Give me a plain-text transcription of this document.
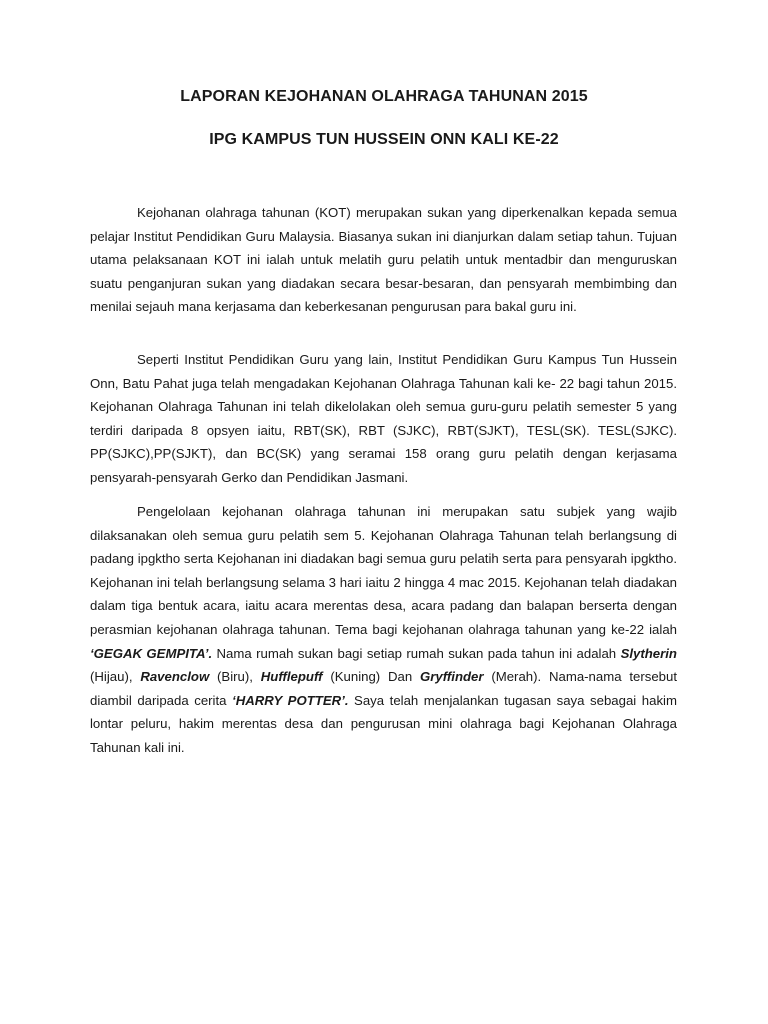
LAPORAN KEJOHANAN OLAHRAGA TAHUNAN 2015
IPG KAMPUS TUN HUSSEIN ONN KALI KE-22

Kejohanan olahraga tahunan (KOT) merupakan sukan yang diperkenalkan kepada semua pelajar Institut Pendidikan Guru Malaysia. Biasanya sukan ini dianjurkan dalam setiap tahun. Tujuan utama pelaksanaan KOT ini ialah untuk melatih guru pelatih untuk mentadbir dan menguruskan suatu penganjuran sukan yang diadakan secara besar-besaran, dan pensyarah membimbing dan menilai sejauh mana kerjasama dan keberkesanan pengurusan para bakal guru ini.

Seperti Institut Pendidikan Guru yang lain, Institut Pendidikan Guru Kampus Tun Hussein Onn, Batu Pahat juga telah mengadakan Kejohanan Olahraga Tahunan kali ke- 22 bagi tahun 2015. Kejohanan Olahraga Tahunan ini telah dikelolakan oleh semua guru-guru pelatih semester 5 yang terdiri daripada 8 opsyen iaitu, RBT(SK), RBT (SJKC), RBT(SJKT), TESL(SK). TESL(SJKC). PP(SJKC),PP(SJKT), dan BC(SK) yang seramai 158 orang guru pelatih dengan kerjasama pensyarah-pensyarah Gerko dan Pendidikan Jasmani.

Pengelolaan kejohanan olahraga tahunan ini merupakan satu subjek yang wajib dilaksanakan oleh semua guru pelatih sem 5. Kejohanan Olahraga Tahunan telah berlangsung di padang ipgktho serta Kejohanan ini diadakan bagi semua guru pelatih serta para pensyarah ipgktho. Kejohanan ini telah berlangsung selama 3 hari iaitu 2 hingga 4 mac 2015. Kejohanan telah diadakan dalam tiga bentuk acara, iaitu acara merentas desa, acara padang dan balapan berserta dengan perasmian kejohanan olahraga tahunan. Tema bagi kejohanan olahraga tahunan yang ke-22 ialah ‘GEGAK GEMPITA’. Nama rumah sukan bagi setiap rumah sukan pada tahun ini adalah Slytherin (Hijau), Ravenclow (Biru), Hufflepuff (Kuning) Dan Gryffinder (Merah). Nama-nama tersebut diambil daripada cerita ‘HARRY POTTER’. Saya telah menjalankan tugasan saya sebagai hakim lontar peluru, hakim merentas desa dan pengurusan mini olahraga bagi Kejohanan Olahraga Tahunan kali ini.
